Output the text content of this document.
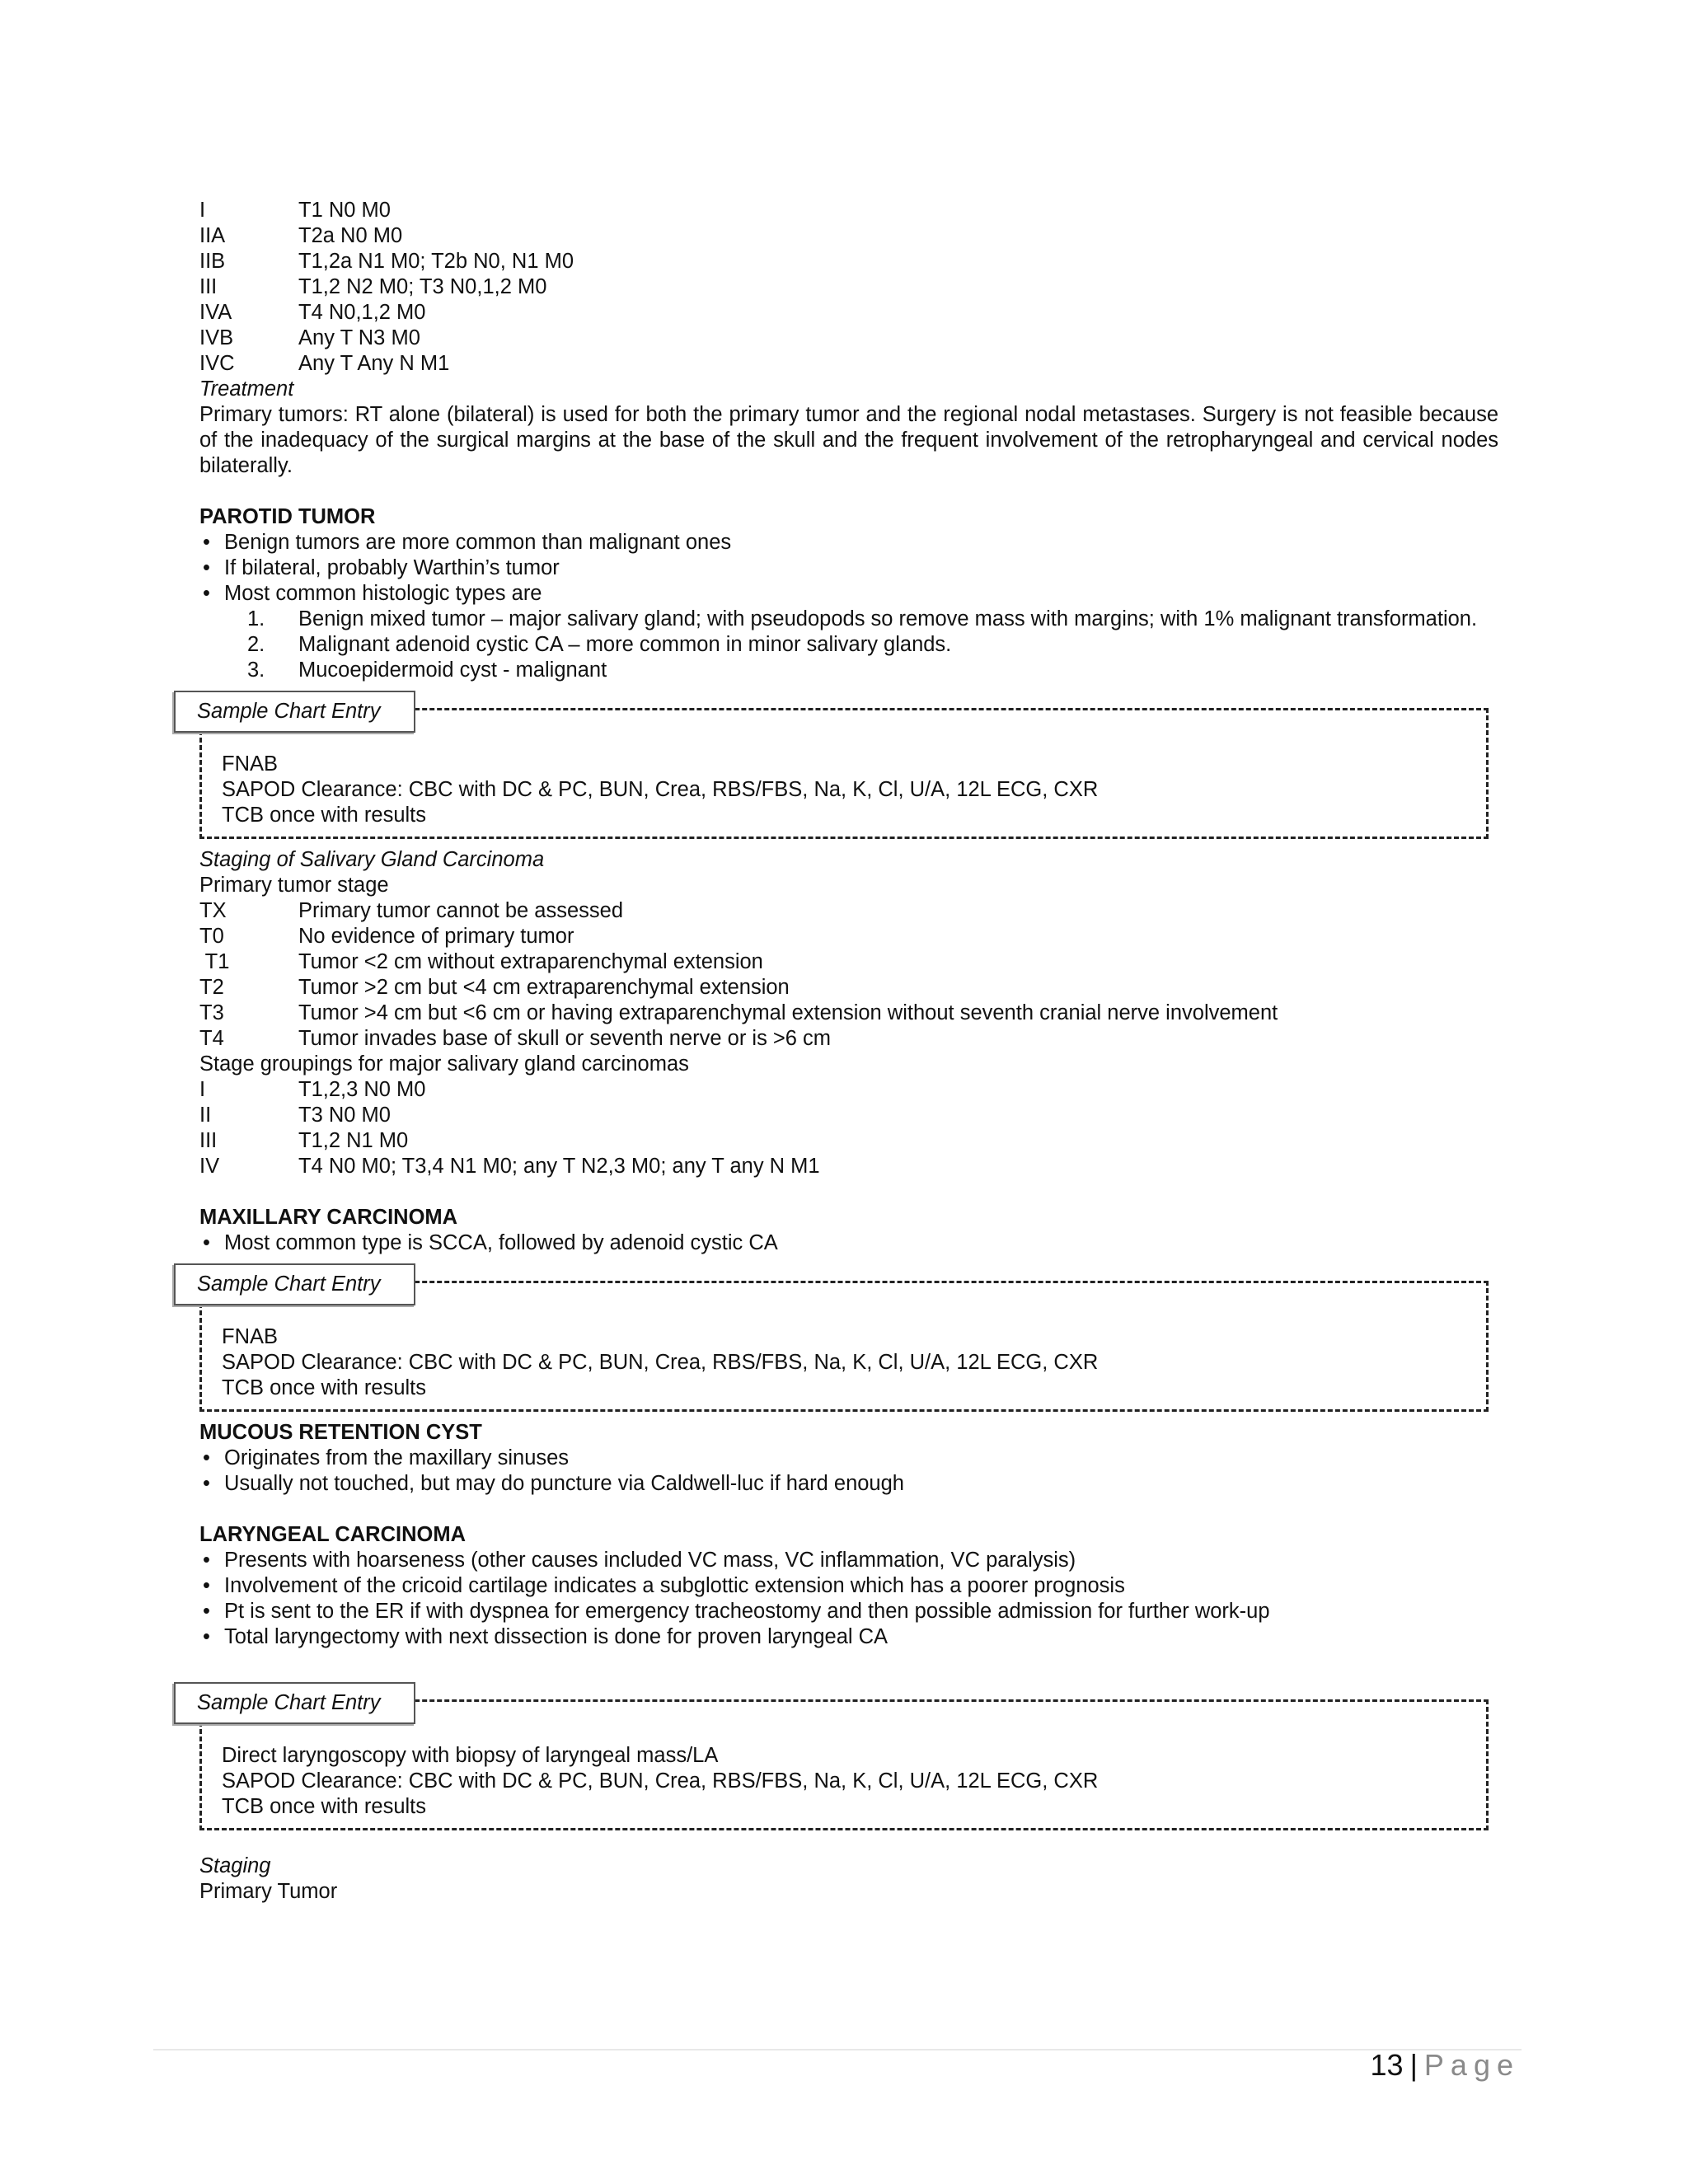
I	T1 N0 M0
IIA	T2a N0 M0
IIB	T1,2a N1 M0; T2b N0, N1 M0
III	T1,2 N2 M0; T3 N0,1,2 M0
IVA	T4 N0,1,2 M0
IVB	Any T N3 M0
IVC	Any T Any N M1
Treatment
Primary tumors: RT alone (bilateral) is used for both the primary tumor and the regional nodal metastases. Surgery is not feasible because of the inadequacy of the surgical margins at the base of the skull and the frequent involvement of the retropharyngeal and cervical nodes bilaterally.
PAROTID TUMOR
• Benign tumors are more common than malignant ones
• If bilateral, probably Warthin’s tumor
• Most common histologic types are
1. Benign mixed tumor – major salivary gland; with pseudopods so remove mass with margins; with 1% malignant transformation.
2. Malignant adenoid cystic CA – more common in minor salivary glands.
3. Mucoepidermoid cyst - malignant
Sample Chart Entry
FNAB
SAPOD Clearance: CBC with DC & PC, BUN, Crea, RBS/FBS, Na, K, Cl, U/A, 12L ECG, CXR
TCB once with results
Staging of Salivary Gland Carcinoma
Primary tumor stage
TX	Primary tumor cannot be assessed
T0	No evidence of primary tumor
T1	Tumor <2 cm without extraparenchymal extension
T2	Tumor >2 cm but <4 cm extraparenchymal extension
T3	Tumor >4 cm but <6 cm or having extraparenchymal extension without seventh cranial nerve involvement
T4	Tumor invades base of skull or seventh nerve or is >6 cm
Stage groupings for major salivary gland carcinomas
I	T1,2,3 N0 M0
II	T3 N0 M0
III	T1,2 N1 M0
IV	T4 N0 M0; T3,4 N1 M0; any T N2,3 M0; any T any N M1
MAXILLARY CARCINOMA
• Most common type is SCCA, followed by adenoid cystic CA
Sample Chart Entry
FNAB
SAPOD Clearance: CBC with DC & PC, BUN, Crea, RBS/FBS, Na, K, Cl, U/A, 12L ECG, CXR
TCB once with results
MUCOUS RETENTION CYST
• Originates from the maxillary sinuses
• Usually not touched, but may do puncture via Caldwell-luc if hard enough
LARYNGEAL CARCINOMA
• Presents with hoarseness (other causes included VC mass, VC inflammation, VC paralysis)
• Involvement of the cricoid cartilage indicates a subglottic extension which has a poorer prognosis
• Pt is sent to the ER if with dyspnea for emergency tracheostomy and then possible admission for further work-up
• Total laryngectomy with next dissection is done for proven laryngeal CA
Sample Chart Entry
Direct laryngoscopy with biopsy of laryngeal mass/LA
SAPOD Clearance: CBC with DC & PC, BUN, Crea, RBS/FBS, Na, K, Cl, U/A, 12L ECG, CXR
TCB once with results
Staging
Primary Tumor
13 | Page
